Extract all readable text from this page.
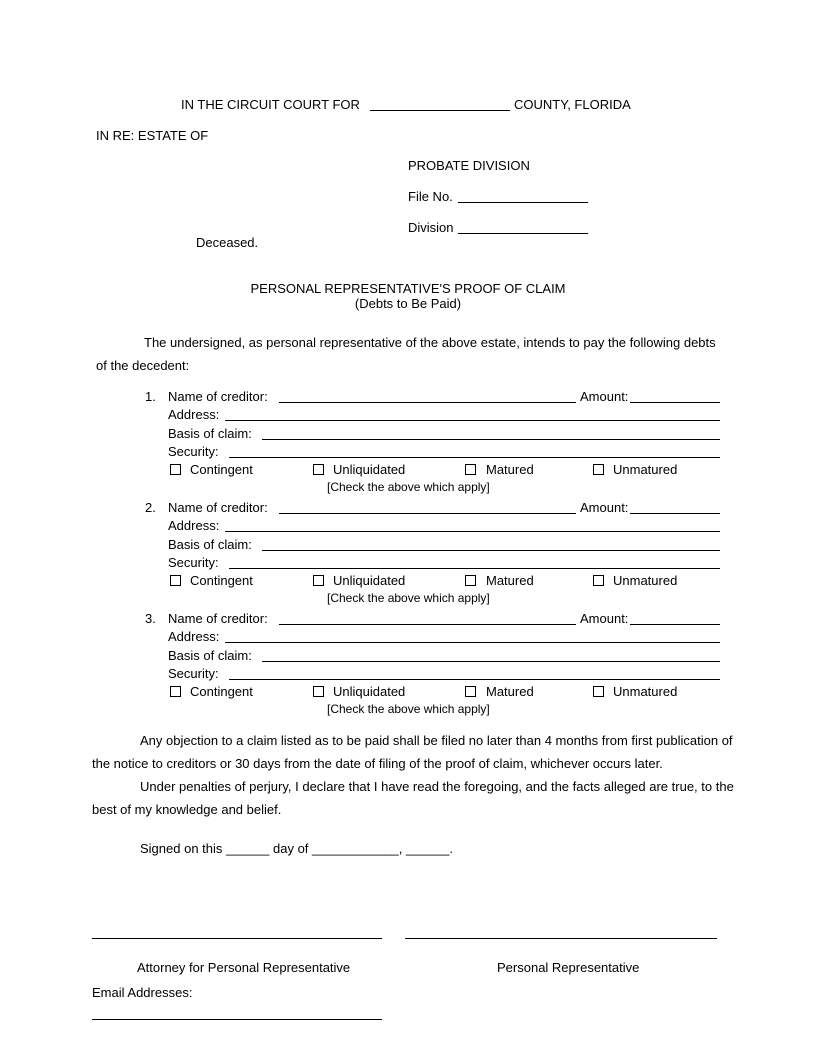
IN THE CIRCUIT COURT FOR	COUNTY, FLORIDA
IN RE: ESTATE OF
PROBATE DIVISION
File No.
Division
Deceased.
PERSONAL REPRESENTATIVE'S PROOF OF CLAIM
(Debts to Be Paid)
The undersigned, as personal representative of the above estate, intends to pay the following debts
of the decedent:
1. Name of creditor:	Amount:
Address:
Basis of claim:
Security:
Contingent	Unliquidated	Matured	Unmatured
[Check the above which apply]
2. Name of creditor:	Amount:
Address:
Basis of claim:
Security:
Contingent	Unliquidated	Matured	Unmatured
[Check the above which apply]
3. Name of creditor:	Amount:
Address:
Basis of claim:
Security:
Contingent	Unliquidated	Matured	Unmatured
[Check the above which apply]
Any objection to a claim listed as to be paid shall be filed no later than 4 months from first publication of
the notice to creditors or 30 days from the date of filing of the proof of claim, whichever occurs later.
Under penalties of perjury, I declare that I have read the foregoing, and the facts alleged are true, to the
best of my knowledge and belief.
Signed on this ______ day of ____________, ______.
Attorney for Personal Representative	Personal Representative
Email Addresses:
